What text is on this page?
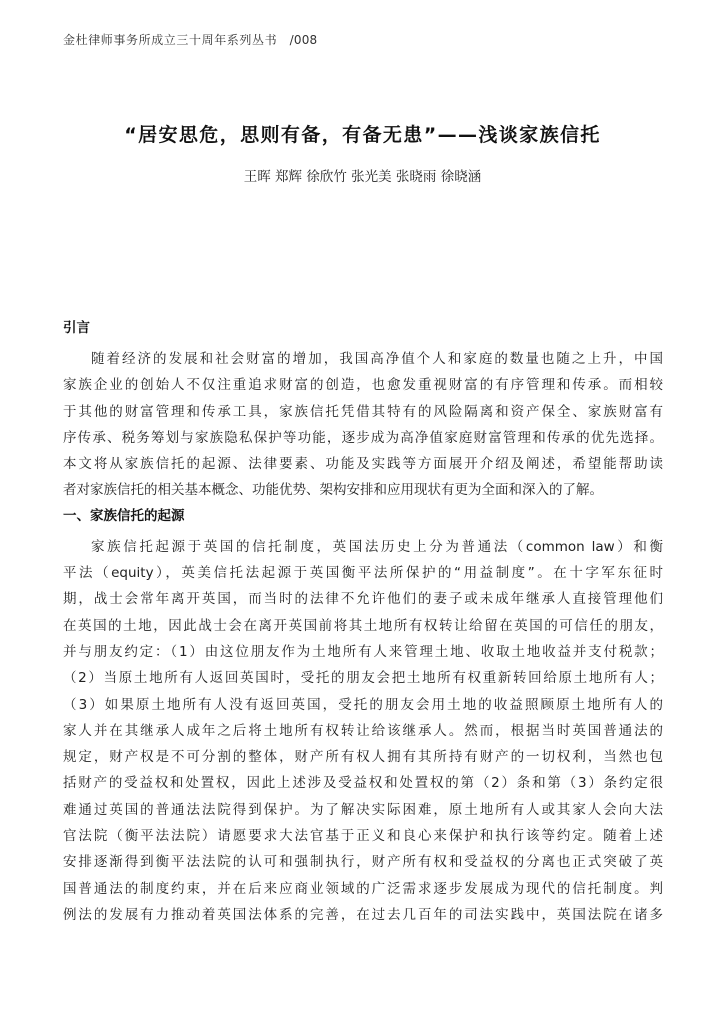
金杜律师事务所成立三十周年系列丛书 /008
“居安思危，思则有备，有备无患”——浅谈家族信托
王晖 郑辉 徐欣竹 张光美 张晓雨 徐晓涵
引言
随着经济的发展和社会财富的增加，我国高净值个人和家庭的数量也随之上升，中国
家族企业的创始人不仅注重追求财富的创造，也愈发重视财富的有序管理和传承。而相较
于其他的财富管理和传承工具，家族信托凭借其特有的风险隔离和资产保全、家族财富有
序传承、税务筹划与家族隐私保护等功能，逐步成为高净值家庭财富管理和传承的优先选择。
本文将从家族信托的起源、法律要素、功能及实践等方面展开介绍及阐述，希望能帮助读
者对家族信托的相关基本概念、功能优势、架构安排和应用现状有更为全面和深入的了解。
一、家族信托的起源
家族信托起源于英国的信托制度，英国法历史上分为普通法（common law）和衡
平法（equity），英美信托法起源于英国衡平法所保护的“用益制度”。在十字军东征时
期，战士会常年离开英国，而当时的法律不允许他们的妻子或未成年继承人直接管理他们
在英国的土地，因此战士会在离开英国前将其土地所有权转让给留在英国的可信任的朋友，
并与朋友约定：（1）由这位朋友作为土地所有人来管理土地、收取土地收益并支付税款；
（2）当原土地所有人返回英国时，受托的朋友会把土地所有权重新转回给原土地所有人；
（3）如果原土地所有人没有返回英国，受托的朋友会用土地的收益照顾原土地所有人的
家人并在其继承人成年之后将土地所有权转让给该继承人。然而，根据当时英国普通法的
规定，财产权是不可分割的整体，财产所有权人拥有其所持有财产的一切权利，当然也包
括财产的受益权和处置权，因此上述涉及受益权和处置权的第（2）条和第（3）条约定很
难通过英国的普通法法院得到保护。为了解决实际困难，原土地所有人或其家人会向大法
官法院（衡平法法院）请愿要求大法官基于正义和良心来保护和执行该等约定。随着上述
安排逐渐得到衡平法法院的认可和强制执行，财产所有权和受益权的分离也正式突破了英
国普通法的制度约束，并在后来应商业领域的广泛需求逐步发展成为现代的信托制度。判
例法的发展有力推动着英国法体系的完善，在过去几百年的司法实践中，英国法院在诸多
